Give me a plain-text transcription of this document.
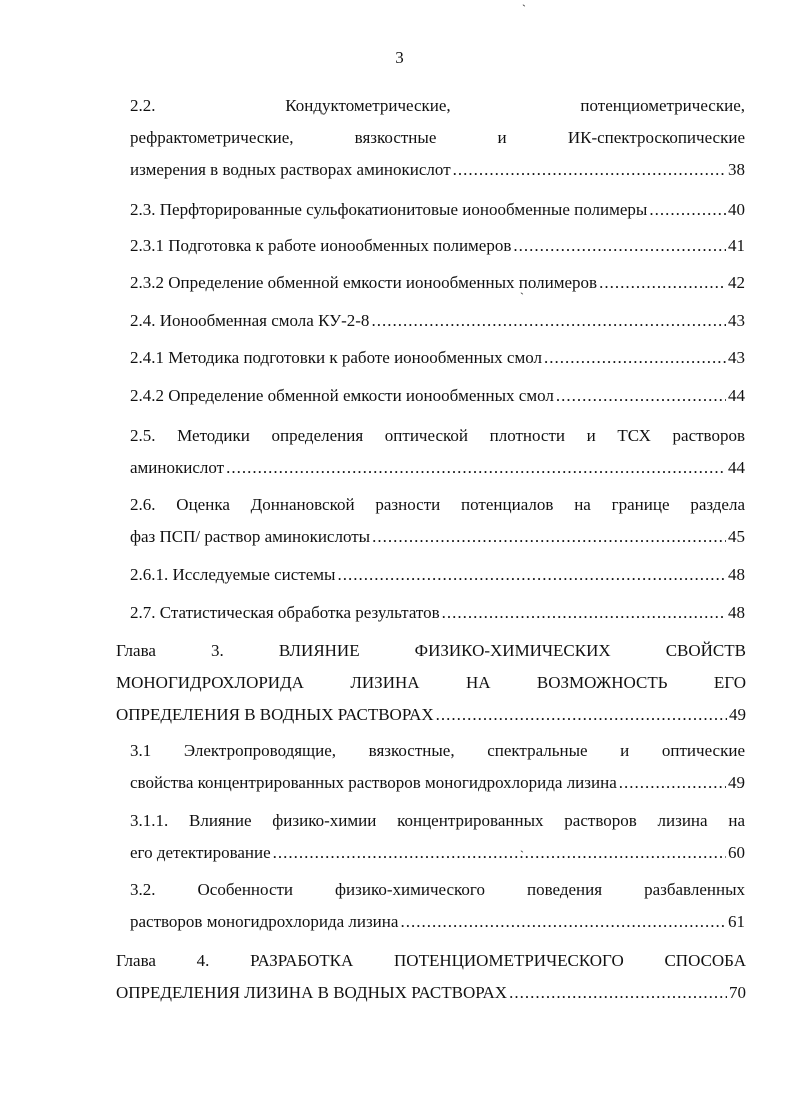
`
`
`
3
2.2. Кондуктометрические, потенциометрические,
рефрактометрические, вязкостные и ИК-спектроскопические
измерения в водных растворах аминокислот .....	38
2.3. Перфторированные сульфокатионитовые ионообменные полимеры .....	40
2.3.1 Подготовка к работе ионообменных полимеров .....	41
2.3.2 Определение обменной емкости ионообменных полимеров .....	42
2.4. Ионообменная смола КУ-2-8 .....	43
2.4.1 Методика подготовки к работе ионообменных смол .....	43
2.4.2 Определение обменной емкости ионообменных смол .....	44
2.5. Методики определения оптической плотности и ТСХ растворов
аминокислот .....	44
2.6. Оценка Доннановской разности потенциалов на границе раздела
фаз ПСП/ раствор аминокислоты .....	45
2.6.1. Исследуемые системы .....	48
2.7. Статистическая обработка результатов .....	48
Глава 3. ВЛИЯНИЕ ФИЗИКО-ХИМИЧЕСКИХ СВОЙСТВ
МОНОГИДРОХЛОРИДА ЛИЗИНА НА ВОЗМОЖНОСТЬ ЕГО
ОПРЕДЕЛЕНИЯ В ВОДНЫХ РАСТВОРАХ .....	49
3.1 Электропроводящие, вязкостные, спектральные и оптические
свойства концентрированных растворов моногидрохлорида лизина .....	49
3.1.1. Влияние физико-химии концентрированных растворов лизина на
его детектирование .....	60
3.2. Особенности физико-химического поведения разбавленных
растворов моногидрохлорида лизина .....	61
Глава 4. РАЗРАБОТКА ПОТЕНЦИОМЕТРИЧЕСКОГО СПОСОБА
ОПРЕДЕЛЕНИЯ ЛИЗИНА В ВОДНЫХ РАСТВОРАХ .....	70
